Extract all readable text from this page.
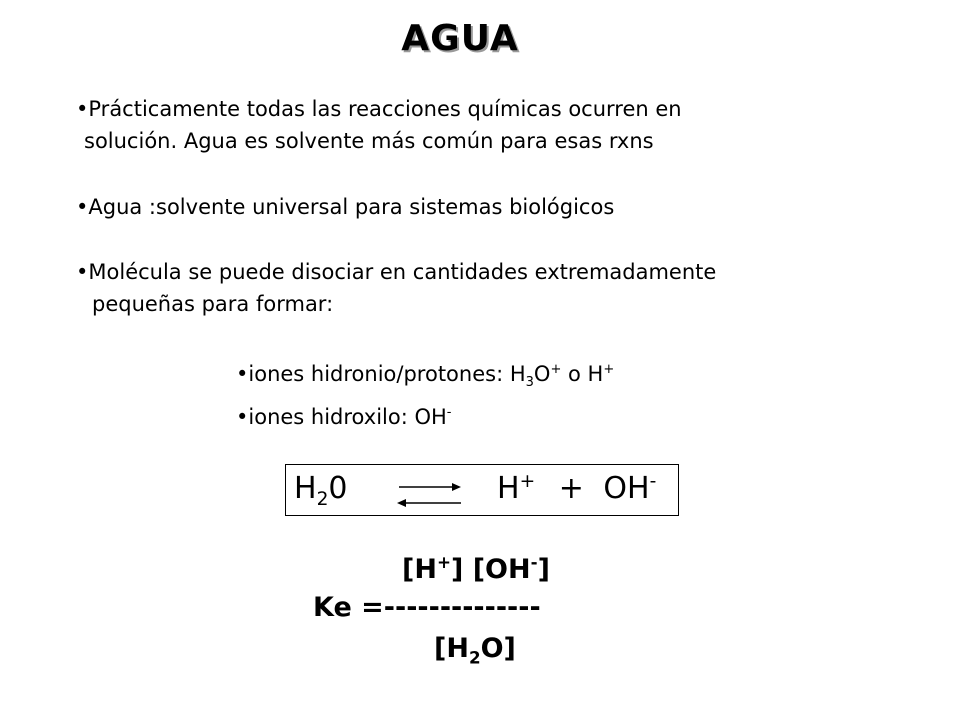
AGUA
•Prácticamente todas las reacciones químicas ocurren en
solución. Agua es solvente más común para esas rxns
•Agua :solvente universal para sistemas biológicos
•Molécula se puede disociar en cantidades extremadamente
pequeñas para formar:
•iones hidronio/protones: $H_3O^+$ o H+
•iones hidroxilo: OH-
$H_20$	H+ + OH-
[H+] [OH-]
Ke =--------------
$[H_2O]$
